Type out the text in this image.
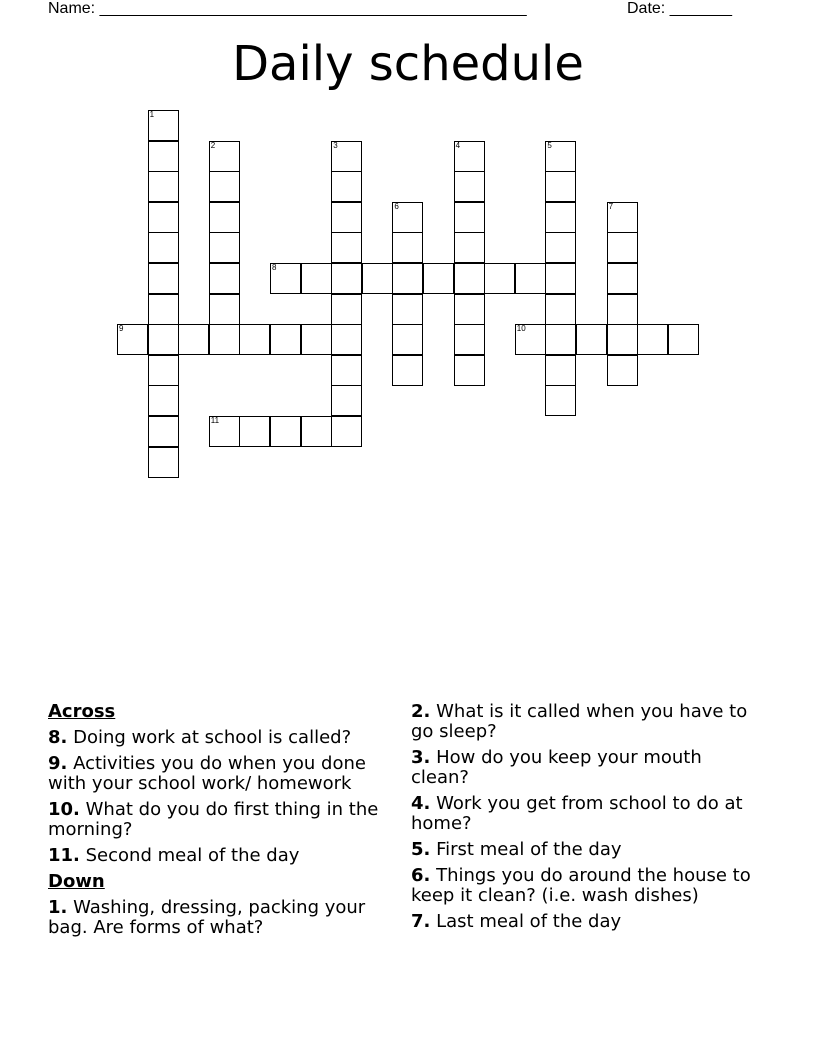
Name: ________________________________________________	Date: _______
Daily schedule
1
2	3	4	5
6	7
8
9	10
11
Across
8. Doing work at school is called?
9. Activities you do when you done with your school work/ homework
10. What do you do first thing in the morning?
11. Second meal of the day
Down
1. Washing, dressing, packing your bag. Are forms of what?
2. What is it called when you have to go sleep?
3. How do you keep your mouth clean?
4. Work you get from school to do at home?
5. First meal of the day
6. Things you do around the house to keep it clean? (i.e. wash dishes)
7. Last meal of the day
